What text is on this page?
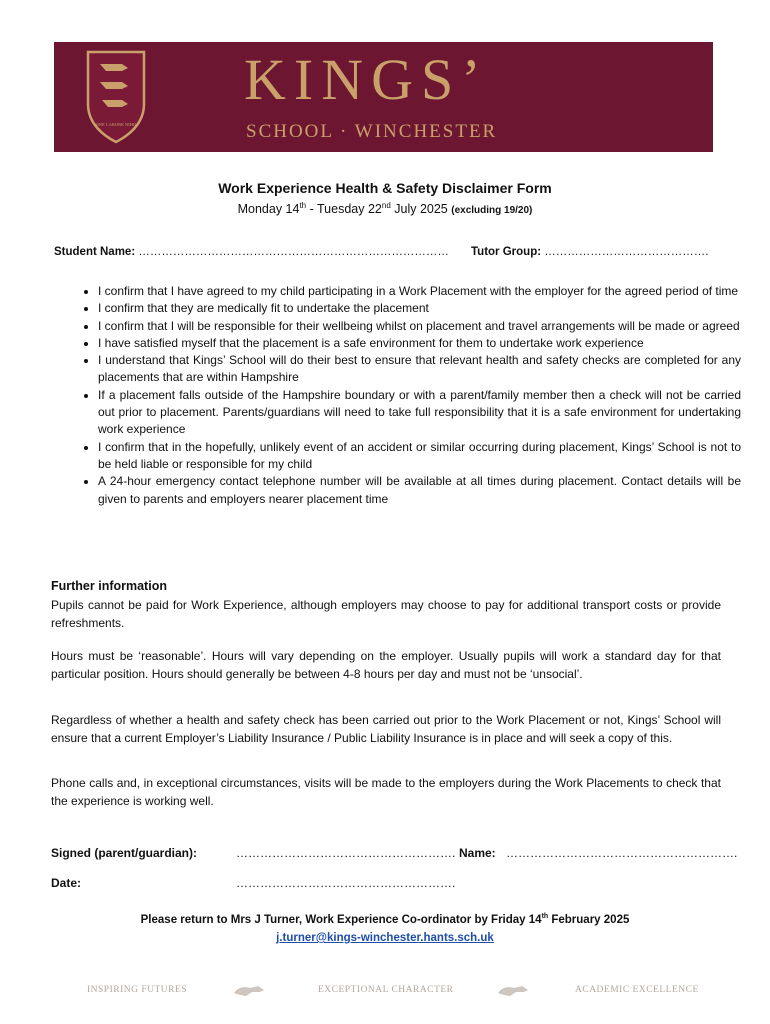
SINE LABORE NIHIL
KINGS’
SCHOOL · WINCHESTER
Work Experience Health & Safety Disclaimer Form
Monday 14th - Tuesday 22nd July 2025 (excluding 19/20)
Student Name: ……………………………………………………………………… Tutor Group: …………………………………….
• I confirm that I have agreed to my child participating in a Work Placement with the employer for the agreed period of time
• I confirm that they are medically fit to undertake the placement
• I confirm that I will be responsible for their wellbeing whilst on placement and travel arrangements will be made or agreed
• I have satisfied myself that the placement is a safe environment for them to undertake work experience
• I understand that Kings’ School will do their best to ensure that relevant health and safety checks are completed for any placements that are within Hampshire
• If a placement falls outside of the Hampshire boundary or with a parent/family member then a check will not be carried out prior to placement. Parents/guardians will need to take full responsibility that it is a safe environment for undertaking work experience
• I confirm that in the hopefully, unlikely event of an accident or similar occurring during placement, Kings’ School is not to be held liable or responsible for my child
• A 24-hour emergency contact telephone number will be available at all times during placement. Contact details will be given to parents and employers nearer placement time
Further information
Pupils cannot be paid for Work Experience, although employers may choose to pay for additional transport costs or provide refreshments.
Hours must be ‘reasonable’. Hours will vary depending on the employer. Usually pupils will work a standard day for that particular position. Hours should generally be between 4-8 hours per day and must not be ‘unsocial’.
Regardless of whether a health and safety check has been carried out prior to the Work Placement or not, Kings’ School will ensure that a current Employer’s Liability Insurance / Public Liability Insurance is in place and will seek a copy of this.
Phone calls and, in exceptional circumstances, visits will be made to the employers during the Work Placements to check that the experience is working well.
Signed (parent/guardian):	………………………………………………. Name: ………………………………………………….
Date:	……………………………………………….
Please return to Mrs J Turner, Work Experience Co-ordinator by Friday 14th February 2025
j.turner@kings-winchester.hants.sch.uk
INSPIRING FUTURES	EXCEPTIONAL CHARACTER	ACADEMIC EXCELLENCE
